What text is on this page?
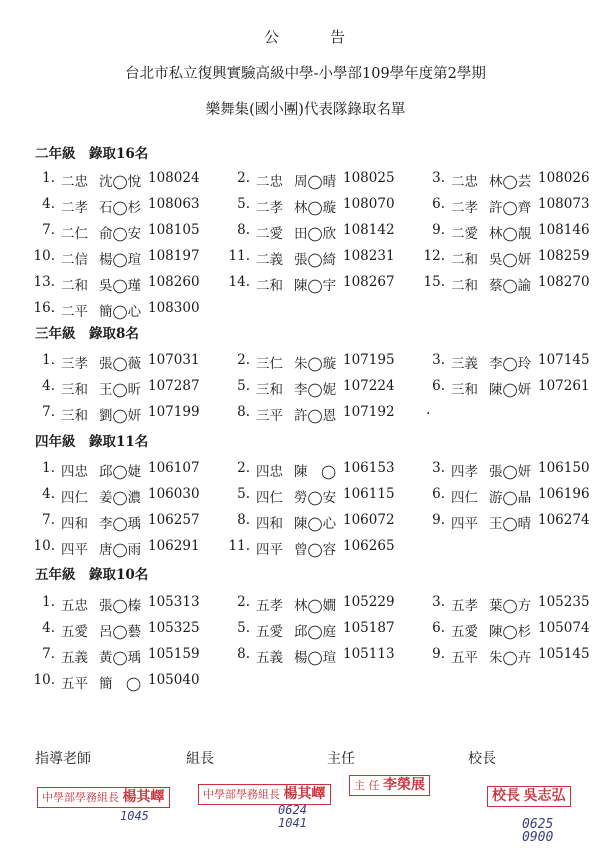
公	告
台北市私立復興實驗高級中學-小學部109學年度第2學期
樂舞集(國小團)代表隊錄取名單
二年級　錄取16名
1. 二忠 沈◯悅 108024	2. 二忠 周◯晴 108025	3. 二忠 林◯芸 108026
4. 二孝 石◯杉 108063	5. 二孝 林◯璇 108070	6. 二孝 許◯齊 108073
7. 二仁 俞◯安 108105	8. 二愛 田◯欣 108142	9. 二愛 林◯靚 108146
10. 二信 楊◯瑄 108197	11. 二義 張◯綺 108231	12. 二和 吳◯妍 108259
13. 二和 吳◯瑾 108260	14. 二和 陳◯宇 108267	15. 二和 蔡◯諭 108270
16. 二平 簡◯心 108300
三年級　錄取8名
1. 三孝 張◯薇 107031	2. 三仁 朱◯璇 107195	3. 三義 李◯玲 107145
4. 三和 王◯昕 107287	5. 三和 李◯妮 107224	6. 三和 陳◯妍 107261
7. 三和 劉◯妍 107199	8. 三平 許◯恩 107192
四年級　錄取11名
1. 四忠 邱◯婕 106107	2. 四忠 陳　◯ 106153	3. 四孝 張◯妍 106150
4. 四仁 姜◯濃 106030	5. 四仁 勞◯安 106115	6. 四仁 游◯晶 106196
7. 四和 李◯瑀 106257	8. 四和 陳◯心 106072	9. 四平 王◯晴 106274
10. 四平 唐◯雨 106291	11. 四平 曾◯容 106265
五年級　錄取10名
1. 五忠 張◯榛 105313	2. 五孝 林◯嫺 105229	3. 五孝 葉◯方 105235
4. 五愛 呂◯藝 105325	5. 五愛 邱◯庭 105187	6. 五愛 陳◯杉 105074
7. 五義 黃◯瑀 105159	8. 五義 楊◯瑄 105113	9. 五平 朱◯卉 105145
10. 五平 簡　◯ 105040
.
指導老師	組長	主任	校長
中學部學務組長 楊其嶧
1045
中學部學務組長 楊其嶧
0624
1041
主 任 李榮展
校長 吳志弘
0625
0900
